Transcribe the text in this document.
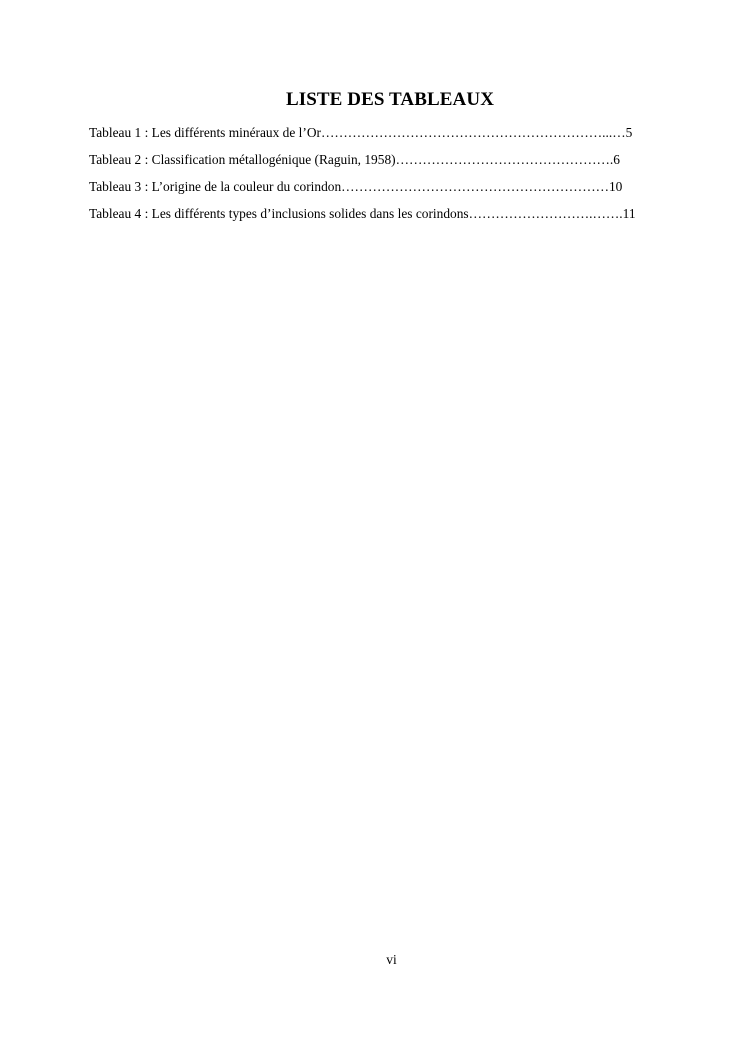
LISTE DES TABLEAUX
Tableau 1 : Les différents minéraux de l’Or………………………………………………………...…5
Tableau 2 : Classification métallogénique (Raguin, 1958)………………………………………….6
Tableau 3 : L’origine de la couleur du corindon……………………………………………………10
Tableau 4 : Les différents types d’inclusions solides dans les corindons……………………….…….11
vi
